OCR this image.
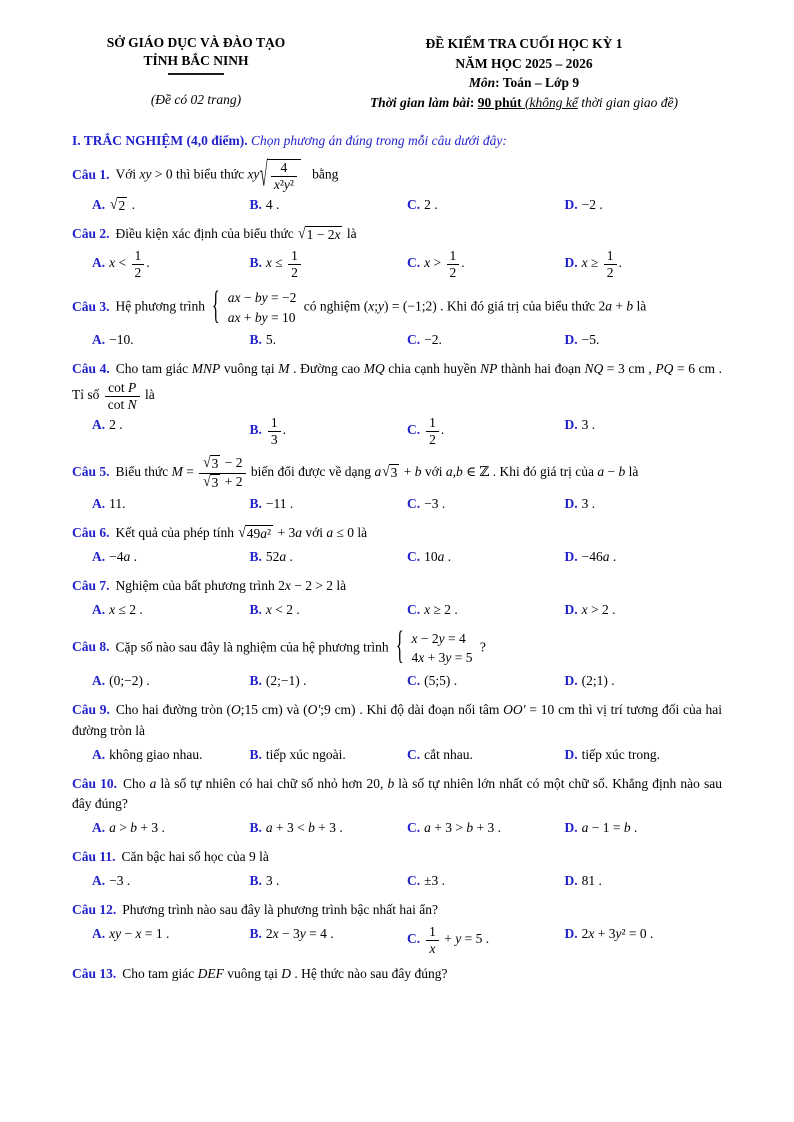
SỞ GIÁO DỤC VÀ ĐÀO TẠO
TỈNH BẮC NINH
(Đề có 02 trang)
ĐỀ KIỂM TRA CUỐI HỌC KỲ 1
NĂM HỌC 2025 – 2026
Môn: Toán – Lớp 9
Thời gian làm bài: 90 phút (không kể thời gian giao đề)

I. TRẮC NGHIỆM (4,0 điểm). Chọn phương án đúng trong mỗi câu dưới đây:

Câu 1. Với xy > 0 thì biểu thức xy √ $\frac{4}{\text{x²y²}}$ bằng

A. √ 2 .	B. 4 .	C. 2 .	D. −2 .

Câu 2. Điều kiện xác định của biểu thức √ 1 − 2x là

A. $x < \frac{1}{2}$ .	B. $x \le \frac{1}{2}$	C. $x > \frac{1}{2}$ .	D. $x \ge \frac{1}{2}$ .

Câu 3. Hệ phương trình { ax − by = −2
ax + by = 10
có nghiệm (x;y) = (−1;2) . Khi đó giá trị của biểu thức 2a + b là

A. −10.	B. 5.	C. −2.	D. −5.

Câu 4. Cho tam giác MNP vuông tại M . Đường cao MQ chia cạnh huyền NP thành hai đoạn NQ = 3 cm , PQ = 6 cm . Tỉ số $\frac{\text{cot P}}{\text{cot N}}$ là

A. 2 .	B. $\frac{1}{3}$ .	C. $\frac{1}{2}$ .	D. 3 .

Câu 5. Biểu thức $M = \frac{√ 3 - 2}{√ 3 + 2}$ biến đổi được về dạng a √ 3 + b với a,b ∈ ℤ . Khi đó giá trị của a − b là

A. 11.	B. −11 .	C. −3 .	D. 3 .

Câu 6. Kết quả của phép tính √ 49a² + 3a với a ≤ 0 là

A. −4a .	B. 52a .	C. 10a .	D. −46a .

Câu 7. Nghiệm của bất phương trình 2x − 2 > 2 là

A. x ≤ 2 .	B. x < 2 .	C. x ≥ 2 .	D. x > 2 .

Câu 8. Cặp số nào sau đây là nghiệm của hệ phương trình { x − 2y = 4
4x + 3y = 5
?

A. (0;−2) .	B. (2;−1) .	C. (5;5) .	D. (2;1) .

Câu 9. Cho hai đường tròn (O;15 cm) và (O′;9 cm) . Khi độ dài đoạn nối tâm OO′ = 10 cm thì vị trí tương đối của hai đường tròn là

A. không giao nhau.	B. tiếp xúc ngoài.	C. cắt nhau.	D. tiếp xúc trong.

Câu 10. Cho a là số tự nhiên có hai chữ số nhỏ hơn 20, b là số tự nhiên lớn nhất có một chữ số. Khẳng định nào sau đây đúng?

A. a > b + 3 .	B. a + 3 < b + 3 .	C. a + 3 > b + 3 .	D. a − 1 = b .

Câu 11. Căn bậc hai số học của 9 là

A. −3 .	B. 3 .	C. ±3 .	D. 81 .

Câu 12. Phương trình nào sau đây là phương trình bậc nhất hai ẩn?

A. xy − x = 1 .	B. 2x − 3y = 4 .	C. $\frac{1}{x} + y = 5$ .	D. 2x + 3y² = 0 .

Câu 13. Cho tam giác DEF vuông tại D . Hệ thức nào sau đây đúng?
